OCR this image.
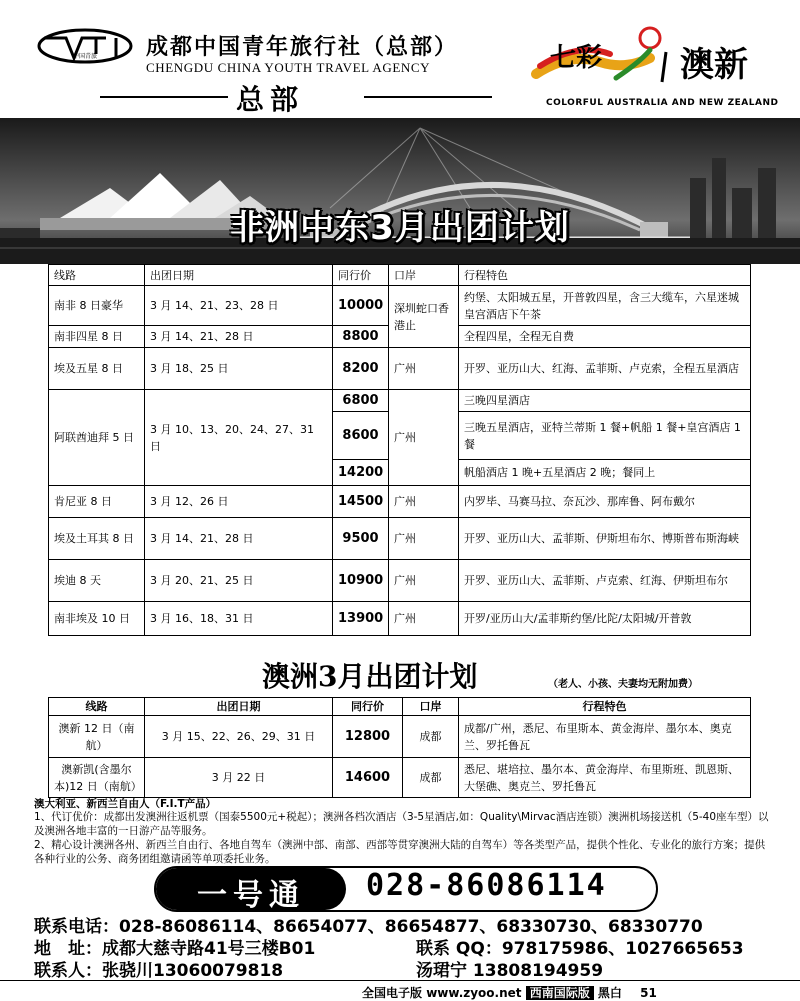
中国青旅 成都中国青年旅行社（总部）
CHENGDU CHINA YOUTH TRAVEL AGENCY
总部
七彩 澳新
COLORFUL AUSTRALIA AND NEW ZEALAND
非洲中东3月出团计划
线路	出团日期	同行价	口岸	行程特色
南非 8 日豪华	3 月 14、21、23、28 日	10000	深圳蛇口香港止	约堡、太阳城五星，开普敦四星，含三大缆车，六星迷城皇宫酒店下午茶
南非四星 8 日	3 月 14、21、28 日	8800		全程四星，全程无自费
埃及五星 8 日	3 月 18、25 日	8200	广州	开罗、亚历山大、红海、孟菲斯、卢克索，全程五星酒店
阿联酋迪拜 5 日	3 月 10、13、20、24、27、31 日	6800	广州	三晚四星酒店
		8600		三晚五星酒店，亚特兰蒂斯 1 餐+帆船 1 餐+皇宫酒店 1 餐
		14200		帆船酒店 1 晚+五星酒店 2 晚；餐同上
肯尼亚 8 日	3 月 12、26 日	14500	广州	内罗毕、马赛马拉、奈瓦沙、那库鲁、阿布戴尔
埃及土耳其 8 日	3 月 14、21、28 日	9500	广州	开罗、亚历山大、孟菲斯、伊斯坦布尔、博斯普布斯海峡
埃迪 8 天	3 月 20、21、25 日	10900	广州	开罗、亚历山大、孟菲斯、卢克索、红海、伊斯坦布尔
南非埃及 10 日	3 月 16、18、31 日	13900	广州	开罗/亚历山大/孟菲斯约堡/比陀/太阳城/开普敦
澳洲3月出团计划	（老人、小孩、夫妻均无附加费）
线路	出团日期	同行价	口岸	行程特色
澳新 12 日（南航）	3 月 15、22、26、29、31 日	12800	成都	成都/广州，悉尼、布里斯本、黄金海岸、墨尔本、奥克兰、罗托鲁瓦
澳新凯(含墨尔本)12 日（南航）	3 月 22 日	14600	成都	悉尼、堪培拉、墨尔本、黄金海岸、布里斯班、凯恩斯、大堡礁、奥克兰、罗托鲁瓦
澳大利亚、新西兰自由人（F.I.T产品）
1、代订优价：成都出发澳洲往返机票（国泰5500元+税起）；澳洲各档次酒店（3-5星酒店,如：Quality\Mirvac酒店连锁）澳洲机场接送机（5-40座车型）以及澳洲各地丰富的一日游产品等服务。
2、精心设计澳洲各州、新西兰自由行、各地自驾车（澳洲中部、南部、西部等贯穿澳洲大陆的自驾车）等各类型产品，提供个性化、专业化的旅行方案；提供各种行业的公务、商务团组邀请函等单项委托业务。
一号通	028-86086114
联系电话：028-86086114、86654077、86654877、68330730、68330770
地　址：成都大慈寺路41号三楼B01	联系 QQ：978175986、1027665653
联系人：张骁川13060079818	汤珺宁 13808194959
全国电子版 www.zyoo.net 西南国际版 黑白 51
